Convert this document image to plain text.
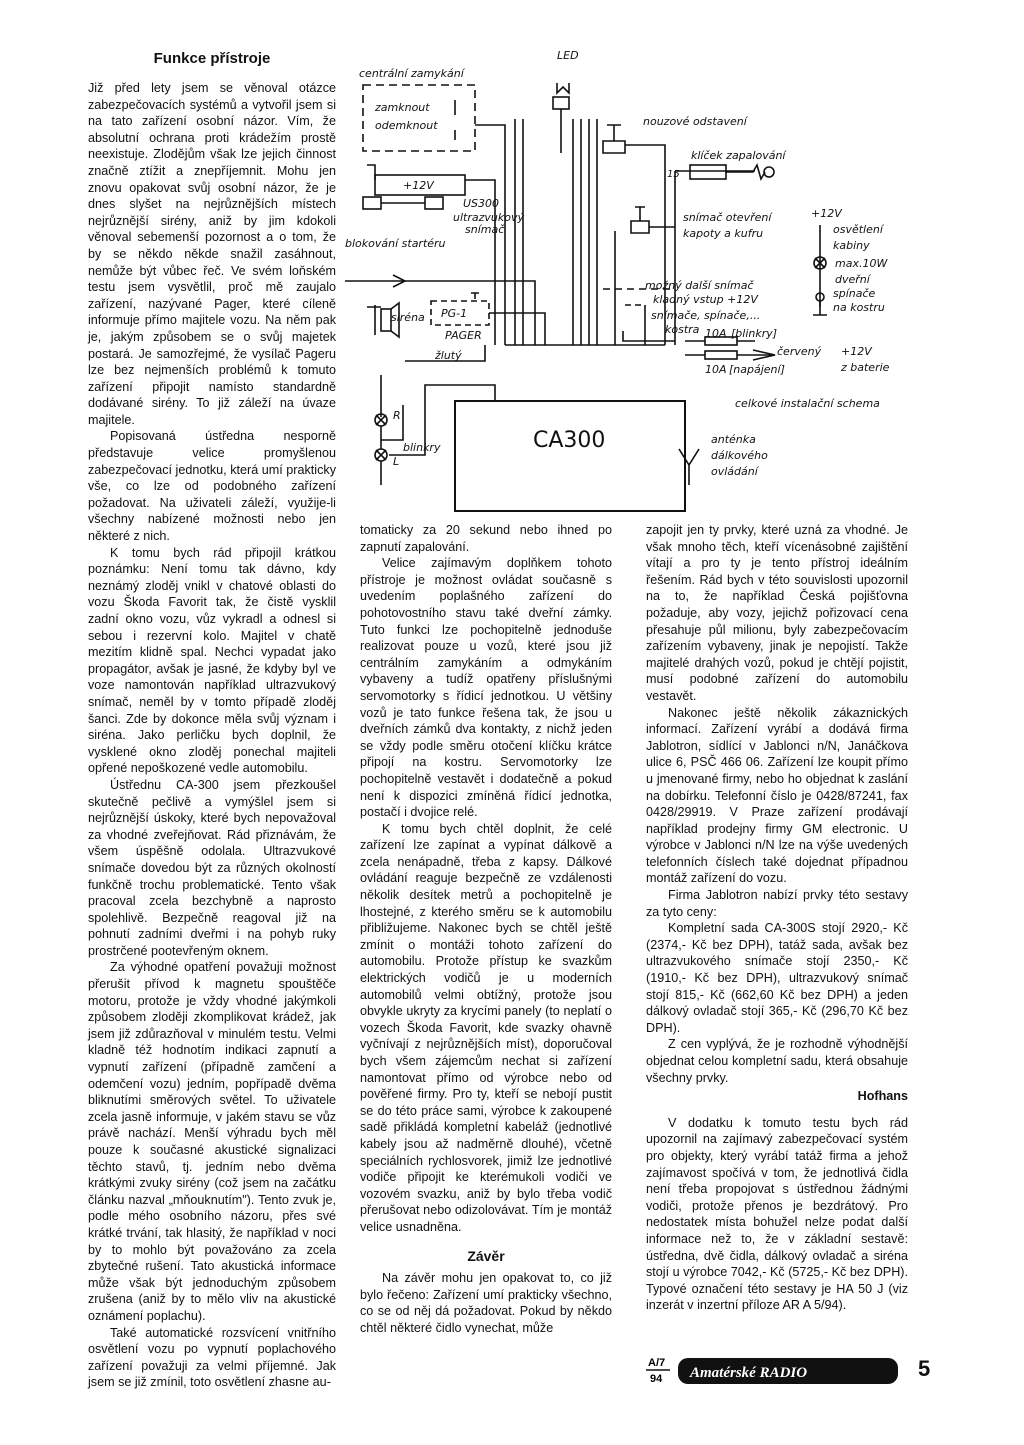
Funkce přístroje

Již před lety jsem se věnoval otázce zabezpečovacích systémů a vytvořil jsem si na tato zařízení osobní názor. Vím, že absolutní ochrana proti krádežím prostě neexistuje. Zlodějům však lze jejich činnost značně ztížit a znepříjemnit. Mohu jen znovu opakovat svůj osobní názor, že je dnes slyšet na nejrůznějších místech nejrůznější sirény, aniž by jim kdokoli věnoval sebemenší pozornost a o tom, že by se někdo někde snažil zasáhnout, nemůže být vůbec řeč. Ve svém loňském testu jsem vysvětlil, proč mě zaujalo zařízení, nazývané Pager, které cíleně informuje přímo majitele vozu. Na něm pak je, jakým způsobem se o svůj majetek postará. Je samozřejmé, že vysílač Pageru lze bez nejmenších problémů k tomuto zařízení připojit namísto standardně dodávané sirény. To již záleží na úvaze majitele.

Popisovaná ústředna nesporně představuje velice promyšlenou zabezpečovací jednotku, která umí prakticky vše, co lze od podobného zařízení požadovat. Na uživateli záleží, využije-li všechny nabízené možnosti nebo jen některé z nich.

K tomu bych rád připojil krátkou poznámku: Není tomu tak dávno, kdy neznámý zloděj vnikl v chatové oblasti do vozu Škoda Favorit tak, že čistě vysklil zadní okno vozu, vůz vykradl a odnesl si sebou i rezervní kolo. Majitel v chatě mezitím klidně spal. Nechci vypadat jako propagátor, avšak je jasné, že kdyby byl ve voze namontován například ultrazvukový snímač, neměl by v tomto případě zloděj šanci. Zde by dokonce měla svůj význam i siréna. Jako perličku bych doplnil, že vysklené okno zloděj ponechal majiteli opřené nepoškozené vedle automobilu.

Ústřednu CA-300 jsem přezkoušel skutečně pečlivě a vymýšlel jsem si nejrůznější úskoky, které bych nepovažoval za vhodné zveřejňovat. Rád přiznávám, že všem úspěšně odolala. Ultrazvukové snímače dovedou být za různých okolností funkčně trochu problematické. Tento však pracoval zcela bezchybně a naprosto spolehlivě. Bezpečně reagoval již na pohnutí zadními dveřmi i na pohyb ruky prostrčené pootevřeným oknem.

Za výhodné opatření považuji možnost přerušit přívod k magnetu spouštěče motoru, protože je vždy vhodné jakýmkoli způsobem zloději zkomplikovat krádež, jak jsem již zdůrazňoval v minulém testu. Velmi kladně též hodnotím indikaci zapnutí a vypnutí zařízení (případně zamčení a odemčení vozu) jedním, popřípadě dvěma bliknutími směrových světel. To uživatele zcela jasně informuje, v jakém stavu se vůz právě nachází. Menší výhradu bych měl pouze k současné akustické signalizaci těchto stavů, tj. jedním nebo dvěma krátkými zvuky sirény (což jsem na začátku článku nazval „mňouknutím"). Tento zvuk je, podle mého osobního názoru, přes své krátké trvání, tak hlasitý, že například v noci by to mohlo být považováno za zcela zbytečné rušení. Tato akustická informace může však být jednoduchým způsobem zrušena (aniž by to mělo vliv na akustické oznámení poplachu).

Také automatické rozsvícení vnitřního osvětlení vozu po vypnutí poplachového zařízení považuji za velmi příjemné. Jak jsem se již zmínil, toto osvětlení zhasne au-

tomaticky za 20 sekund nebo ihned po zapnutí zapalování.

Velice zajímavým doplňkem tohoto přístroje je možnost ovládat současně s uvedením poplašného zařízení do pohotovostního stavu také dveřní zámky. Tuto funkci lze pochopitelně jednoduše realizovat pouze u vozů, které jsou již centrálním zamykáním a odmykáním vybaveny a tudíž opatřeny příslušnými servomotorky s řídicí jednotkou. U většiny vozů je tato funkce řešena tak, že jsou u dveřních zámků dva kontakty, z nichž jeden se vždy podle směru otočení klíčku krátce připojí na kostru. Servomotorky lze pochopitelně vestavět i dodatečně a pokud není k dispozici zmíněná řídicí jednotka, postačí i dvojice relé.

K tomu bych chtěl doplnit, že celé zařízení lze zapínat a vypínat dálkově a zcela nenápadně, třeba z kapsy. Dálkové ovládání reaguje bezpečně ze vzdálenosti několik desítek metrů a pochopitelně je lhostejné, z kterého směru se k automobilu přibližujeme. Nakonec bych se chtěl ještě zmínit o montáži tohoto zařízení do automobilu. Protože přístup ke svazkům elektrických vodičů je u moderních automobilů velmi obtížný, protože jsou obvykle ukryty za krycími panely (to neplatí o vozech Škoda Favorit, kde svazky ohavně vyčnívají z nejrůznějších míst), doporučoval bych všem zájemcům nechat si zařízení namontovat přímo od výrobce nebo od pověřené firmy. Pro ty, kteří se nebojí pustit se do této práce sami, výrobce k zakoupené sadě přikládá kompletní kabeláž (jednotlivé kabely jsou až nadměrně dlouhé), včetně speciálních rychlosvorek, jimiž lze jednotlivé vodiče připojit ke kterémukoli vodiči ve vozovém svazku, aniž by bylo třeba vodič přerušovat nebo odizolovávat. Tím je montáž velice usnadněna.

Závěr

Na závěr mohu jen opakovat to, co již bylo řečeno: Zařízení umí prakticky všechno, co se od něj dá požadovat. Pokud by někdo chtěl některé čidlo vynechat, může

zapojit jen ty prvky, které uzná za vhodné. Je však mnoho těch, kteří vícenásobné zajištění vítají a pro ty je tento přístroj ideálním řešením. Rád bych v této souvislosti upozornil na to, že například Česká pojišťovna požaduje, aby vozy, jejichž pořizovací cena přesahuje půl milionu, byly zabezpečovacím zařízením vybaveny, jinak je nepojistí. Takže majitelé drahých vozů, pokud je chtějí pojistit, musí podobné zařízení do automobilu vestavět.

Nakonec ještě několik zákaznických informací. Zařízení vyrábí a dodává firma Jablotron, sídlící v Jablonci n/N, Janáčkova ulice 6, PSČ 466 06. Zařízení lze koupit přímo u jmenované firmy, nebo ho objednat k zaslání na dobírku. Telefonní číslo je 0428/87241, fax 0428/29919. V Praze zařízení prodávají například prodejny firmy GM electronic. U výrobce v Jablonci n/N lze na výše uvedených telefonních číslech také dojednat případnou montáž zařízení do vozu.

Firma Jablotron nabízí prvky této sestavy za tyto ceny:

Kompletní sada CA-300S stojí 2920,- Kč (2374,- Kč bez DPH), tatáž sada, avšak bez ultrazvukového snímače stojí 2350,- Kč (1910,- Kč bez DPH), ultrazvukový snímač stojí 815,- Kč (662,60 Kč bez DPH) a jeden dálkový ovladač stojí 365,- Kč (296,70 Kč bez DPH).

Z cen vyplývá, že je rozhodně výhodnější objednat celou kompletní sadu, která obsahuje všechny prvky.

Hofhans

V dodatku k tomuto testu bych rád upozornil na zajímavý zabezpečovací systém pro objekty, který vyrábí tatáž firma a jehož zajímavost spočívá v tom, že jednotlivá čidla není třeba propojovat s ústřednou žádnými vodiči, protože přenos je bezdrátový. Pro nedostatek místa bohužel nelze podat další informace než to, že v základní sestavě: ústředna, dvě čidla, dálkový ovladač a siréna stojí u výrobce 7042,- Kč (5725,- Kč bez DPH). Typové označení této sestavy je HA 50 J (viz inzerát v inzertní příloze AR A 5/94).

LED
centrální zamykání
zamknout
odemknout	nouzové odstavení
klíček zapalování
+12V
15
US300
ultrazvukový
snímač
blokování startéru
snímač otevření
kapoty a kufru
možný další snímač
+12V
osvětlení
kabiny
max.10W
dveřní
spínače
na kostru
kladný vstup +12V
snímače, spínače,...
siréna PG-1
PAGER	kostra 10A [blinkry]
žlutý	červený +12V
z baterie
10A [napájení]
R
L
blinkry	CA300
celkové instalační schema
anténka
dálkového
ovládání
A/7
94 Amatérské RADIO	5
